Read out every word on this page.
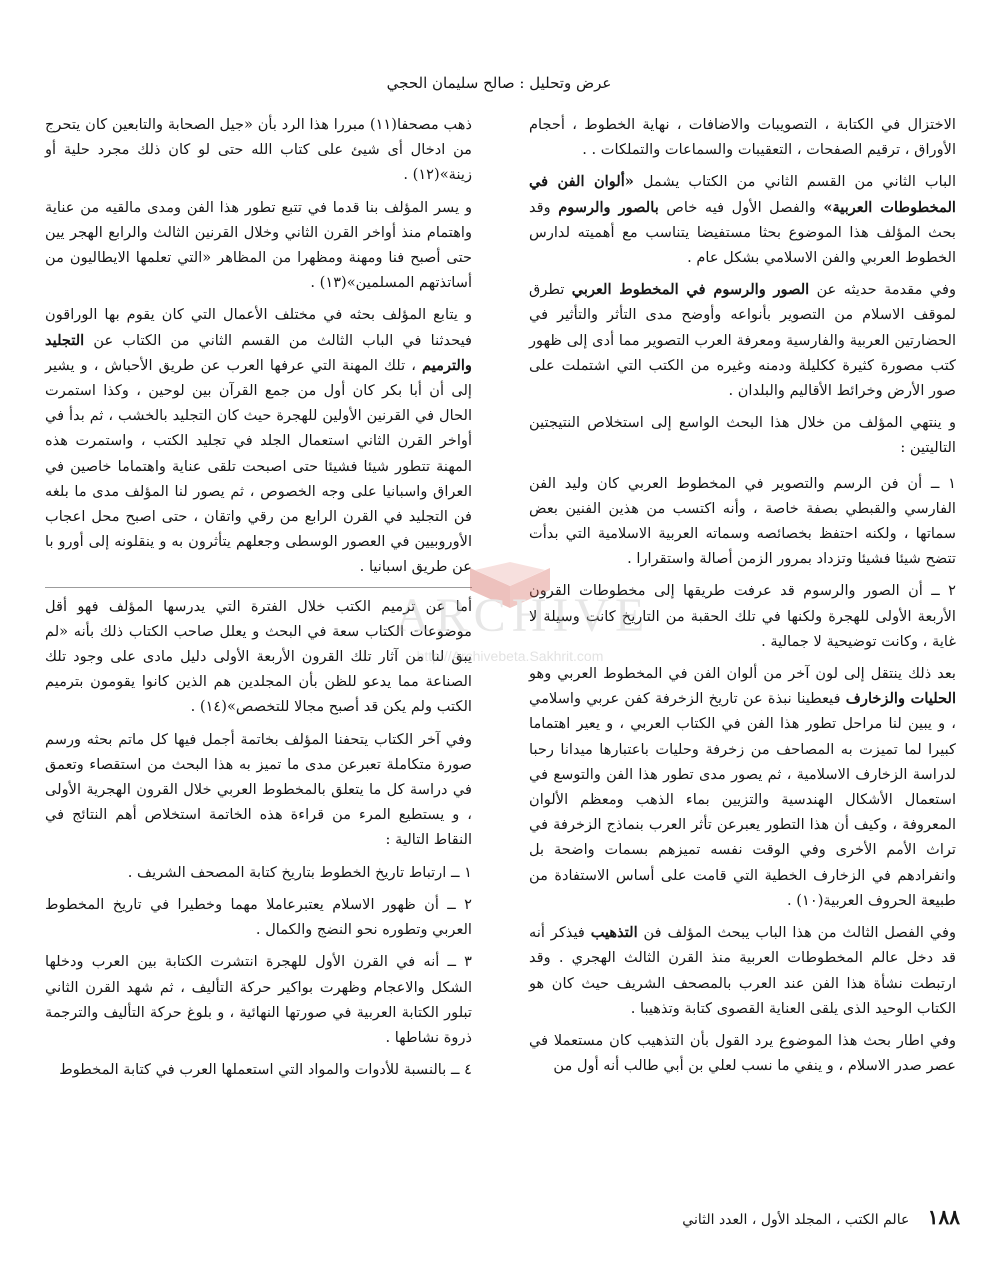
عرض وتحليل : صالح سليمان الحجي

الاختزال في الكتابة ، التصويبات والاضافات ، نهاية الخطوط ، أحجام الأوراق ، ترقيم الصفحات ، التعقيبات والسماعات والتملكات . .

الباب الثاني من القسم الثاني من الكتاب يشمل «ألوان الفن في المخطوطات العربية» والفصل الأول فيه خاص بالصور والرسوم وقد بحث المؤلف هذا الموضوع بحثا مستفيضا يتناسب مع أهميته لدارس الخطوط العربي والفن الاسلامي بشكل عام .

وفي مقدمة حديثه عن الصور والرسوم في المخطوط العربي تطرق لموقف الاسلام من التصوير بأنواعه وأوضح مدى التأثر والتأثير في الحضارتين العربية والفارسية ومعرفة العرب التصوير مما أدى إلى ظهور كتب مصورة كثيرة ككليلة ودمنه وغيره من الكتب التي اشتملت على صور الأرض وخرائط الأقاليم والبلدان .

و ينتهي المؤلف من خلال هذا البحث الواسع إلى استخلاص النتيجتين التاليتين :

١ ــ أن فن الرسم والتصوير في المخطوط العربي كان وليد الفن الفارسي والقبطي بصفة خاصة ، وأنه اكتسب من هذين الفنين بعض سماتها ، ولكنه احتفظ بخصائصه وسماته العربية الاسلامية التي بدأت تتضح شيئا فشيئا وتزداد بمرور الزمن أصالة واستقرارا .

٢ ــ أن الصور والرسوم قد عرفت طريقها إلى مخطوطات القرون الأربعة الأولى للهجرة ولكنها في تلك الحقبة من التاريخ كانت وسيلة لا غاية ، وكانت توضيحية لا جمالية .

بعد ذلك ينتقل إلى لون آخر من ألوان الفن في المخطوط العربي وهو الحليات والزخارف فيعطينا نبذة عن تاريخ الزخرفة كفن عربي واسلامي ، و يبين لنا مراحل تطور هذا الفن في الكتاب العربي ، و يعير اهتماما كبيرا لما تميزت به المصاحف من زخرفة وحليات باعتبارها ميدانا رحبا لدراسة الزخارف الاسلامية ، ثم يصور مدى تطور هذا الفن والتوسع في استعمال الأشكال الهندسية والتزيين بماء الذهب ومعظم الألوان المعروفة ، وكيف أن هذا التطور يعبرعن تأثر العرب بنماذج الزخرفة في تراث الأمم الأخرى وفي الوقت نفسه تميزهم بسمات واضحة بل وانفرادهم في الزخارف الخطية التي قامت على أساس الاستفادة من طبيعة الحروف العربية(١٠) .

وفي الفصل الثالث من هذا الباب يبحث المؤلف فن التذهيب فيذكر أنه قد دخل عالم المخطوطات العربية منذ القرن الثالث الهجري . وقد ارتبطت نشأة هذا الفن عند العرب بالمصحف الشريف حيث كان هو الكتاب الوحيد الذى يلقى العناية القصوى كتابة وتذهيبا .

وفي اطار بحث هذا الموضوع يرد القول بأن التذهيب كان مستعملا في عصر صدر الاسلام ، و ينفي ما نسب لعلي بن أبي طالب أنه أول من

ذهب مصحفا(١١) مبررا هذا الرد بأن «جيل الصحابة والتابعين كان يتحرج من ادخال أى شيئ على كتاب الله حتى لو كان ذلك مجرد حلية أو زينة»(١٢) .

و يسر المؤلف بنا قدما في تتبع تطور هذا الفن ومدى مالقيه من عناية واهتمام منذ أواخر القرن الثاني وخلال القرنين الثالث والرابع الهجر يين حتى أصبح فنا ومهنة ومظهرا من المظاهر «التي تعلمها الايطاليون من أساتذتهم المسلمين»(١٣) .

و يتابع المؤلف بحثه في مختلف الأعمال التي كان يقوم بها الوراقون فيحدثنا في الباب الثالث من القسم الثاني من الكتاب عن التجليد والترميم ، تلك المهنة التي عرفها العرب عن طريق الأحباش ، و يشير إلى أن أبا بكر كان أول من جمع القرآن بين لوحين ، وكذا استمرت الحال في القرنين الأولين للهجرة حيث كان التجليد بالخشب ، ثم بدأ في أواخر القرن الثاني استعمال الجلد في تجليد الكتب ، واستمرت هذه المهنة تتطور شيئا فشيئا حتى اصبحت تلقى عناية واهتماما خاصين في العراق واسبانيا على وجه الخصوص ، ثم يصور لنا المؤلف مدى ما بلغه فن التجليد في القرن الرابع من رقي واتقان ، حتى اصبح محل اعجاب الأوروبيين في العصور الوسطى وجعلهم يتأثرون به و ينقلونه إلى أورو با عن طريق اسبانيا .

أما عن ترميم الكتب خلال الفترة التي يدرسها المؤلف فهو أقل موضوعات الكتاب سعة في البحث و يعلل صاحب الكتاب ذلك بأنه «لم يبق لنا من آثار تلك القرون الأربعة الأولى دليل مادى على وجود تلك الصناعة مما يدعو للظن بأن المجلدين هم الذين كانوا يقومون بترميم الكتب ولم يكن قد أصبح مجالا للتخصص»(١٤) .

وفي آخر الكتاب يتحفنا المؤلف بخاتمة أجمل فيها كل ماتم بحثه ورسم صورة متكاملة تعبرعن مدى ما تميز به هذا البحث من استقصاء وتعمق في دراسة كل ما يتعلق بالمخطوط العربي خلال القرون الهجرية الأولى ، و يستطيع المرء من قراءة هذه الخاتمة استخلاص أهم النتائج في النقاط التالية :

١ ــ ارتباط تاريخ الخطوط بتاريخ كتابة المصحف الشريف .

٢ ــ أن ظهور الاسلام يعتبرعاملا مهما وخطيرا في تاريخ المخطوط العربي وتطوره نحو النضج والكمال .

٣ ــ أنه في القرن الأول للهجرة انتشرت الكتابة بين العرب ودخلها الشكل والاعجام وظهرت بواكير حركة التأليف ، ثم شهد القرن الثاني تبلور الكتابة العربية في صورتها النهائية ، و بلوغ حركة التأليف والترجمة ذروة نشاطها .

٤ ــ بالنسبة للأدوات والمواد التي استعملها العرب في كتابة المخطوط

١٨٨ عالم الكتب ، المجلد الأول ، العدد الثاني
ARCHIVE
http://Archivebeta.Sakhrit.com
